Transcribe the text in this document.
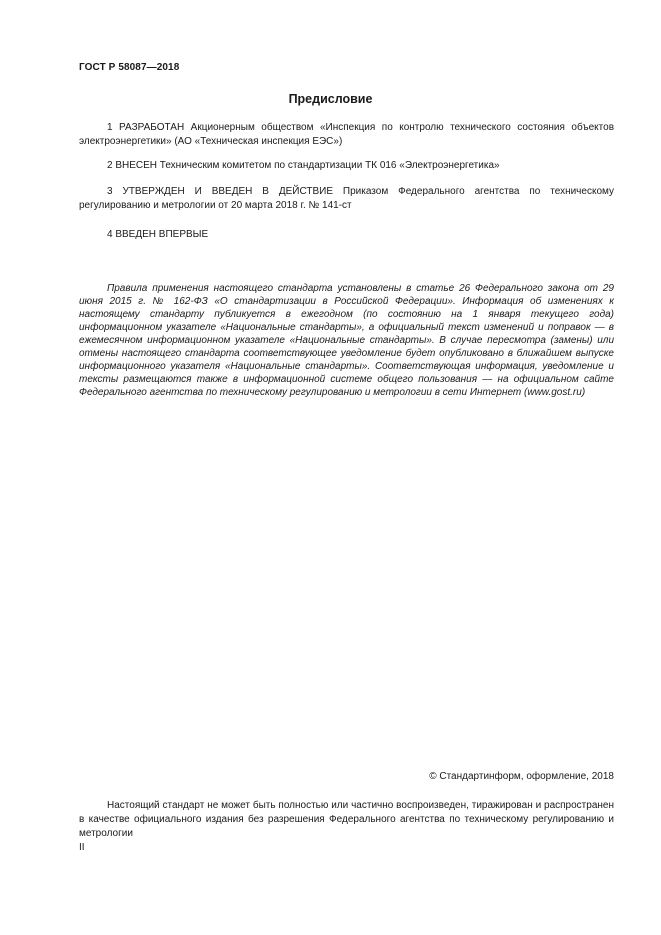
ГОСТ Р 58087—2018
Предисловие

1 РАЗРАБОТАН Акционерным обществом «Инспекция по контролю технического состояния объектов электроэнергетики» (АО «Техническая инспекция ЕЭС»)

2 ВНЕСЕН Техническим комитетом по стандартизации ТК 016 «Электроэнергетика»

3 УТВЕРЖДЕН И ВВЕДЕН В ДЕЙСТВИЕ Приказом Федерального агентства по техническому регулированию и метрологии от 20 марта 2018 г. № 141-ст

4 ВВЕДЕН ВПЕРВЫЕ

Правила применения настоящего стандарта установлены в статье 26 Федерального закона от 29 июня 2015 г. № 162-ФЗ «О стандартизации в Российской Федерации». Информация об изменениях к настоящему стандарту публикуется в ежегодном (по состоянию на 1 января текущего года) информационном указателе «Национальные стандарты», а официальный текст изменений и поправок — в ежемесячном информационном указателе «Национальные стандарты». В случае пересмотра (замены) или отмены настоящего стандарта соответствующее уведомление будет опубликовано в ближайшем выпуске информационного указателя «Национальные стандарты». Соответствующая информация, уведомление и тексты размещаются также в информационной системе общего пользования — на официальном сайте Федерального агентства по техническому регулированию и метрологии в сети Интернет (www.gost.ru)

© Стандартинформ, оформление, 2018

Настоящий стандарт не может быть полностью или частично воспроизведен, тиражирован и распространен в качестве официального издания без разрешения Федерального агентства по техническому регулированию и метрологии

II
